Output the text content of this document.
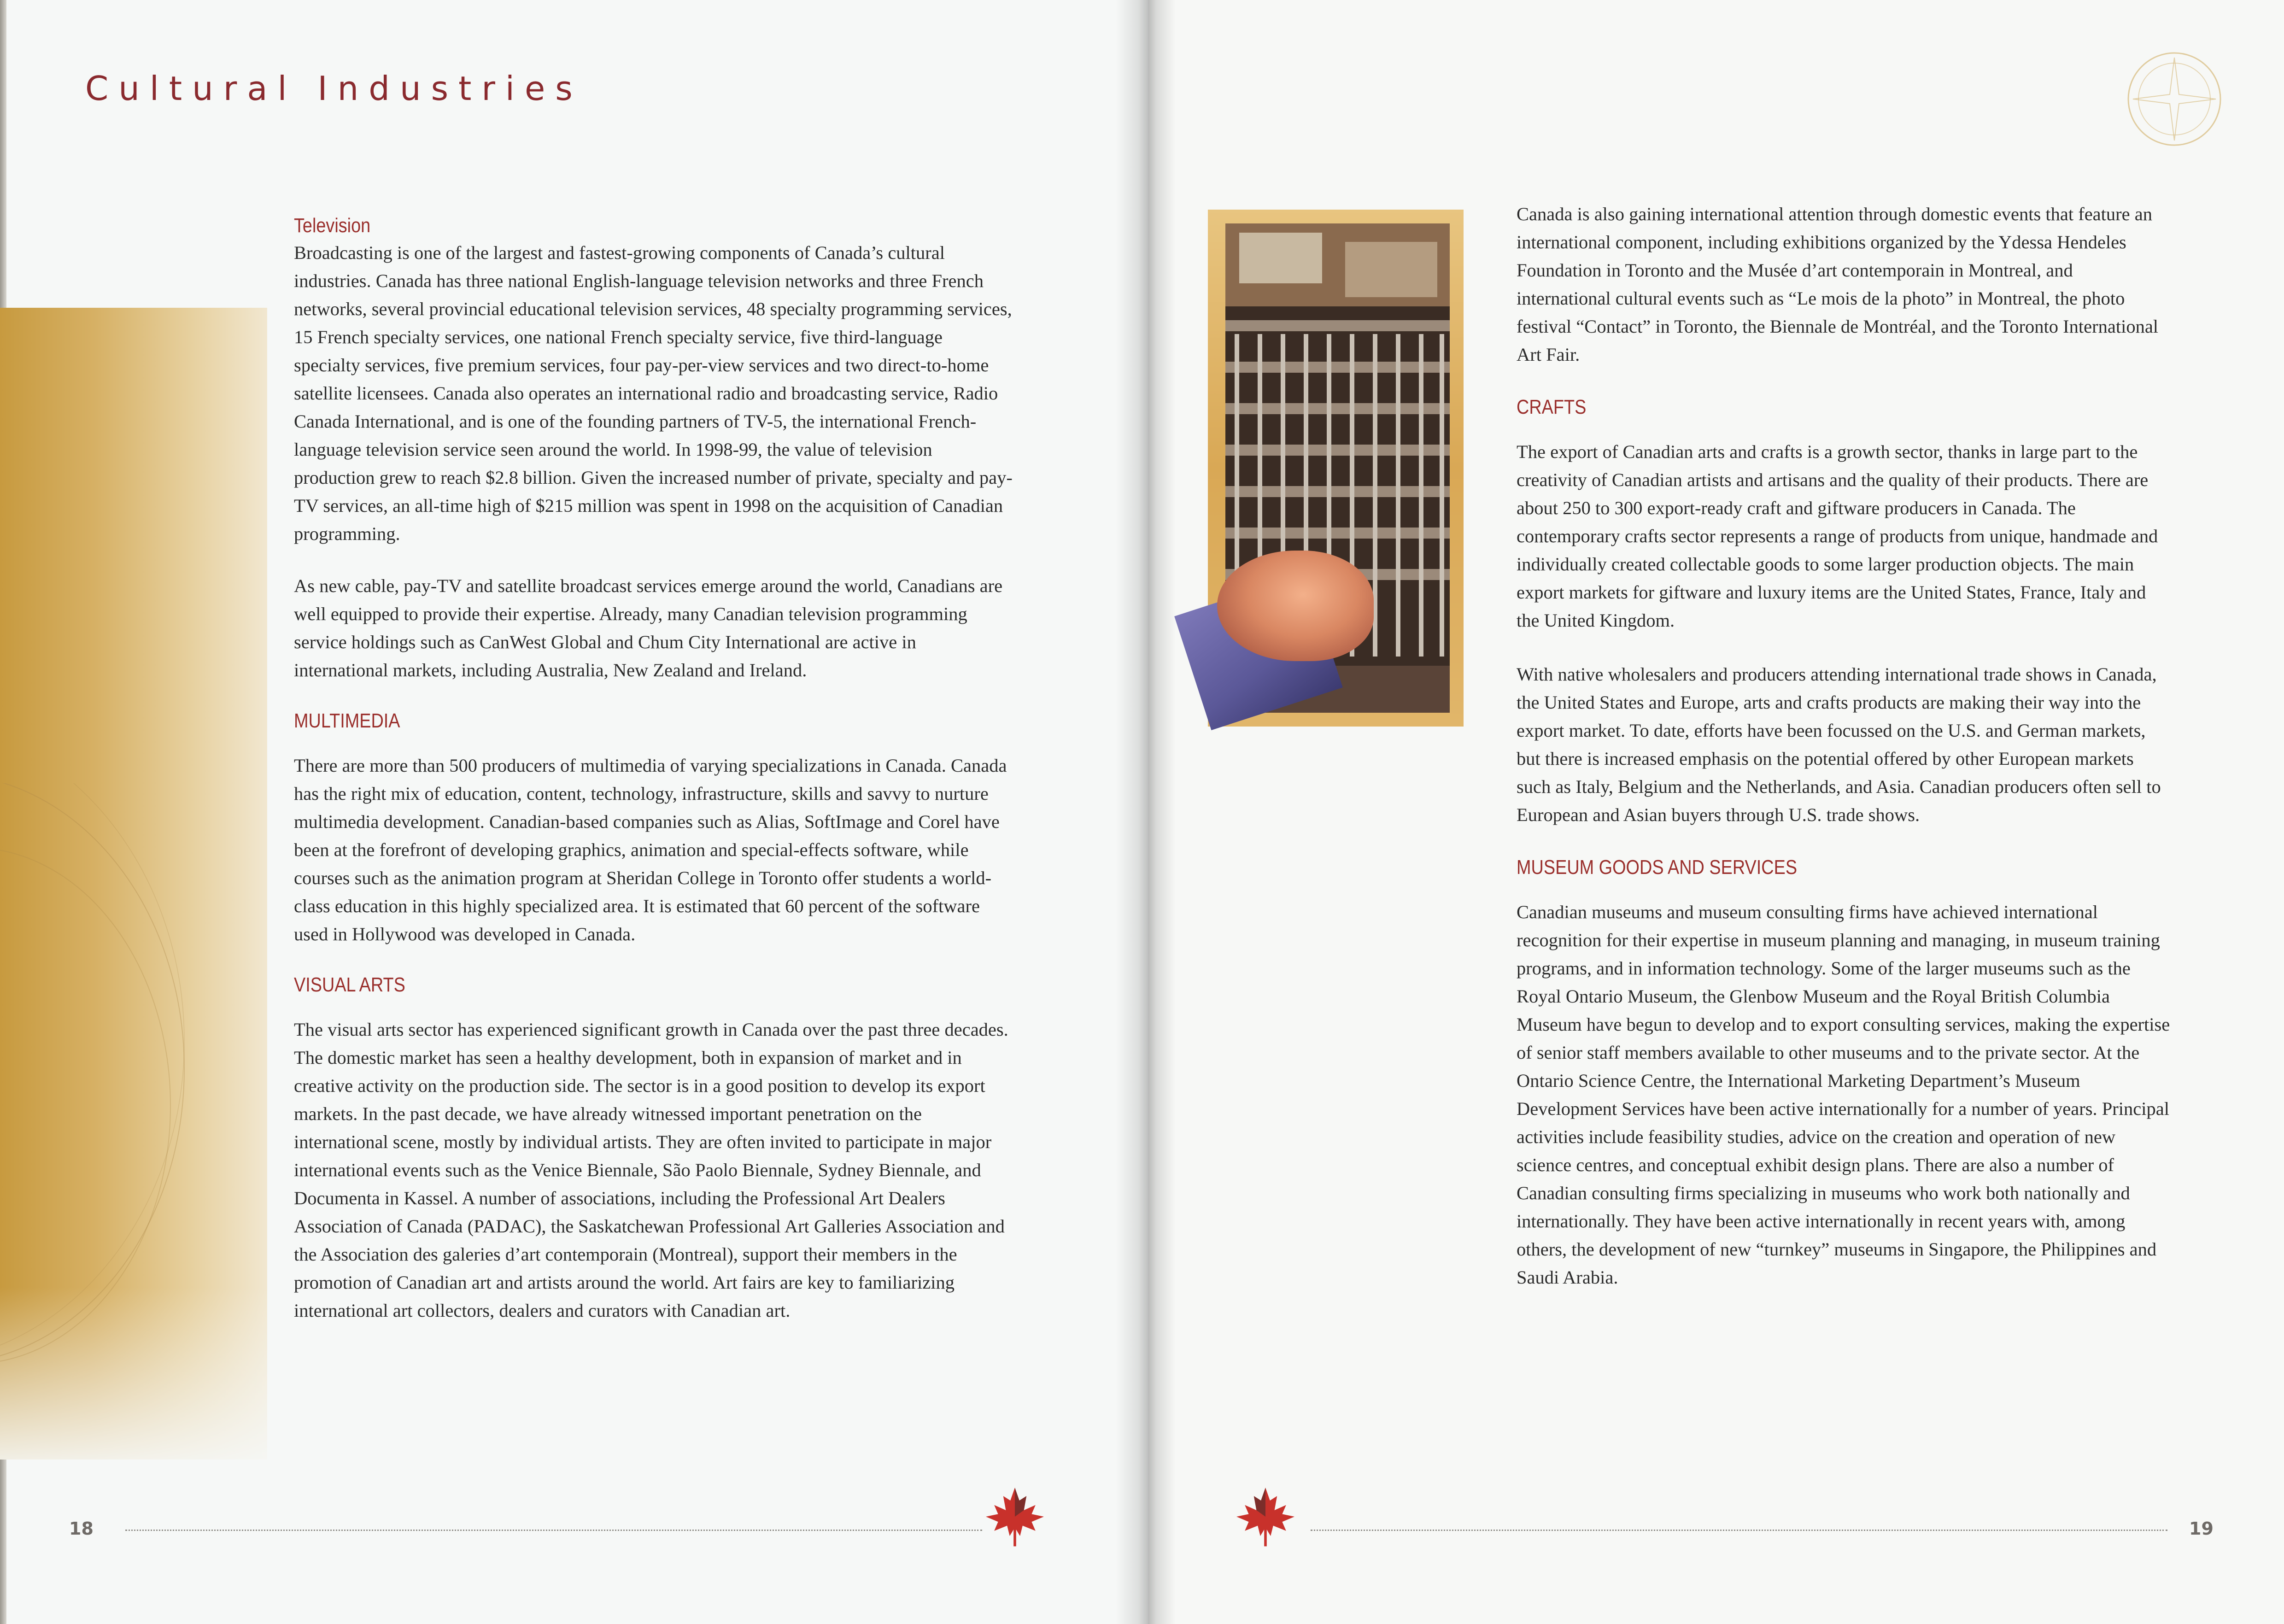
Cultural Industries
Television

Broadcasting is one of the largest and fastest-growing components of Canada’s cultural industries. Canada has three national English-language television networks and three French networks, several provincial educational television services, 48 specialty programming services, 15 French specialty services, one national French specialty service, five third-language specialty services, five premium services, four pay-per-view services and two direct-to-home satellite licensees. Canada also operates an international radio and broadcasting service, Radio Canada International, and is one of the founding partners of TV-5, the international French- language television service seen around the world. In 1998-99, the value of television production grew to reach $2.8 billion. Given the increased number of private, specialty and pay-TV services, an all-time high of $215 million was spent in 1998 on the acquisition of Canadian programming.

As new cable, pay-TV and satellite broadcast services emerge around the world, Canadians are well equipped to provide their expertise. Already, many Canadian television programming service holdings such as CanWest Global and Chum City International are active in international markets, including Australia, New Zealand and Ireland.

MULTIMEDIA

There are more than 500 producers of multimedia of varying specializations in Canada. Canada has the right mix of education, content, technology, infrastructure, skills and savvy to nurture multimedia development. Canadian-based companies such as Alias, SoftImage and Corel have been at the forefront of developing graphics, animation and special-effects software, while courses such as the animation program at Sheridan College in Toronto offer students a world-class education in this highly specialized area. It is estimated that 60 percent of the software used in Hollywood was developed in Canada.

VISUAL ARTS

The visual arts sector has experienced significant growth in Canada over the past three decades. The domestic market has seen a healthy development, both in expansion of market and in creative activity on the production side. The sector is in a good position to develop its export markets. In the past decade, we have already witnessed important penetration on the international scene, mostly by individual artists. They are often invited to participate in major international events such as the Venice Biennale, São Paolo Biennale, Sydney Biennale, and Documenta in Kassel. A number of associations, including the Professional Art Dealers Association of Canada (PADAC), the Saskatchewan Professional Art Galleries Association and the Association des galeries d’art contemporain (Montreal), support their members in the promotion of Canadian art and artists around the world. Art fairs are key to familiarizing international art collectors, dealers and curators with Canadian art.

18

Canada is also gaining international attention through domestic events that feature an international component, including exhibitions organized by the Ydessa Hendeles Foundation in Toronto and the Musée d’art contemporain in Montreal, and international cultural events such as “Le mois de la photo” in Montreal, the photo festival “Contact” in Toronto, the Biennale de Montréal, and the Toronto International Art Fair.

CRAFTS

The export of Canadian arts and crafts is a growth sector, thanks in large part to the creativity of Canadian artists and artisans and the quality of their products. There are about 250 to 300 export-ready craft and giftware producers in Canada. The contemporary crafts sector represents a range of products from unique, handmade and individually created collectable goods to some larger production objects. The main export markets for giftware and luxury items are the United States, France, Italy and the United Kingdom.

With native wholesalers and producers attending international trade shows in Canada, the United States and Europe, arts and crafts products are making their way into the export market. To date, efforts have been focussed on the U.S. and German markets, but there is increased emphasis on the potential offered by other European markets such as Italy, Belgium and the Netherlands, and Asia. Canadian producers often sell to European and Asian buyers through U.S. trade shows.

MUSEUM GOODS AND SERVICES

Canadian museums and museum consulting firms have achieved international recognition for their expertise in museum planning and managing, in museum training programs, and in information technology. Some of the larger museums such as the Royal Ontario Museum, the Glenbow Museum and the Royal British Columbia Museum have begun to develop and to export consulting services, making the expertise of senior staff members available to other museums and to the private sector. At the Ontario Science Centre, the International Marketing Department’s Museum Development Services have been active internationally for a number of years. Principal activities include feasibility studies, advice on the creation and operation of new science centres, and conceptual exhibit design plans. There are also a number of Canadian consulting firms specializing in museums who work both nationally and internationally. They have been active internationally in recent years with, among others, the development of new “turnkey” museums in Singapore, the Philippines and Saudi Arabia.

19
